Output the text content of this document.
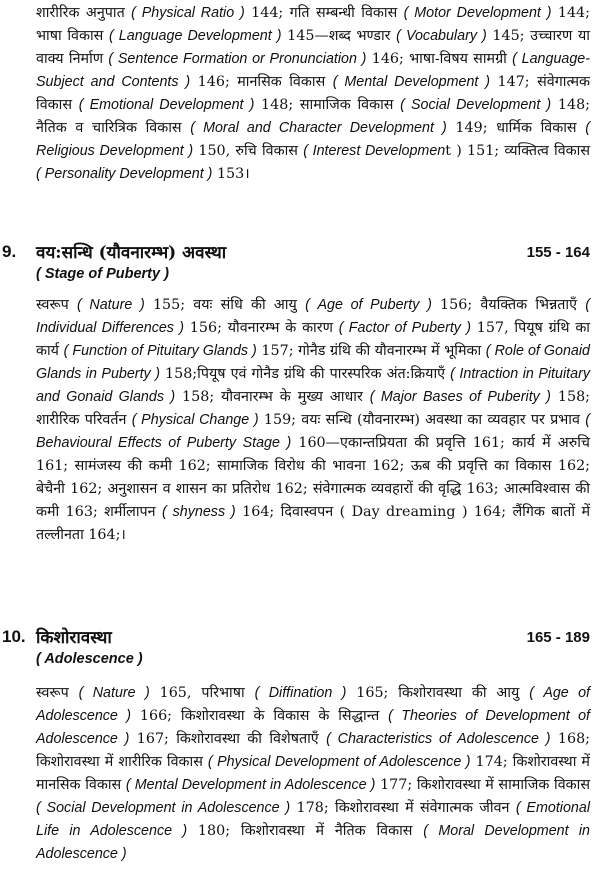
शारीरिक अनुपात ( Physical Ratio ) 144; गति सम्बन्धी विकास ( Motor Development ) 144; भाषा विकास ( Language Development ) 145—शब्द भण्डार ( Vocabulary ) 145; उच्चारण या वाक्य निर्माण ( Sentence Formation or Pronunciation ) 146; भाषा-विषय सामग्री ( Language-Subject and Contents ) 146; मानसिक विकास ( Mental Development ) 147; संवेगात्मक विकास ( Emotional Development ) 148; सामाजिक विकास ( Social Development ) 148; नैतिक व चारित्रिक विकास ( Moral and Character Development ) 149; धार्मिक विकास ( Religious Development ) 150, रुचि विकास ( Interest Development ) 151; व्यक्तित्व विकास ( Personality Development ) 153।

9. वय:सन्धि (यौवनारम्भ) अवस्था	155 - 164
( Stage of Puberty )

स्वरूप ( Nature ) 155; वयः संधि की आयु ( Age of Puberty ) 156; वैयक्तिक भिन्नताएँ ( Individual Differences ) 156; यौवनारम्भ के कारण ( Factor of Puberty ) 157, पियूष ग्रंथि का कार्य ( Function of Pituitary Glands ) 157; गोनैड ग्रंथि की यौवनारम्भ में भूमिका ( Role of Gonaid Glands in Puberty ) 158;पियूष एवं गोनैड ग्रंथि की पारस्परिक अंत:क्रियाएँ ( Intraction in Pituitary and Gonaid Glands ) 158; यौवनारम्भ के मुख्य आधार ( Major Bases of Puberity ) 158; शारीरिक परिवर्तन ( Physical Change ) 159; वयः सन्धि (यौवनारम्भ) अवस्था का व्यवहार पर प्रभाव ( Behavioural Effects of Puberty Stage ) 160—एकान्तप्रियता की प्रवृत्ति 161; कार्य में अरुचि 161; सामंजस्य की कमी 162; सामाजिक विरोध की भावना 162; ऊब की प्रवृत्ति का विकास 162; बेचैनी 162; अनुशासन व शासन का प्रतिरोध 162; संवेगात्मक व्यवहारों की वृद्धि 163; आत्मविश्वास की कमी 163; शर्मीलापन ( shyness ) 164; दिवास्वपन ( Day dreaming ) 164; लैंगिक बातों में तल्लीनता 164;।

10. किशोरावस्था	165 - 189
( Adolescence )

स्वरूप ( Nature ) 165, परिभाषा ( Diffination ) 165; किशोरावस्था की आयु ( Age of Adolescence ) 166; किशोरावस्था के विकास के सिद्धान्त ( Theories of Development of Adolescence ) 167; किशोरावस्था की विशेषताएँ ( Characteristics of Adolescence ) 168; किशोरावस्था में शारीरिक विकास ( Physical Development of Adolescence ) 174; किशोरावस्था में मानसिक विकास ( Mental Development in Adolescence ) 177; किशोरावस्था में सामाजिक विकास ( Social Development in Adolescence ) 178; किशोरावस्था में संवेगात्मक जीवन ( Emotional Life in Adolescence ) 180; किशोरावस्था में नैतिक विकास ( Moral Development in Adolescence )
